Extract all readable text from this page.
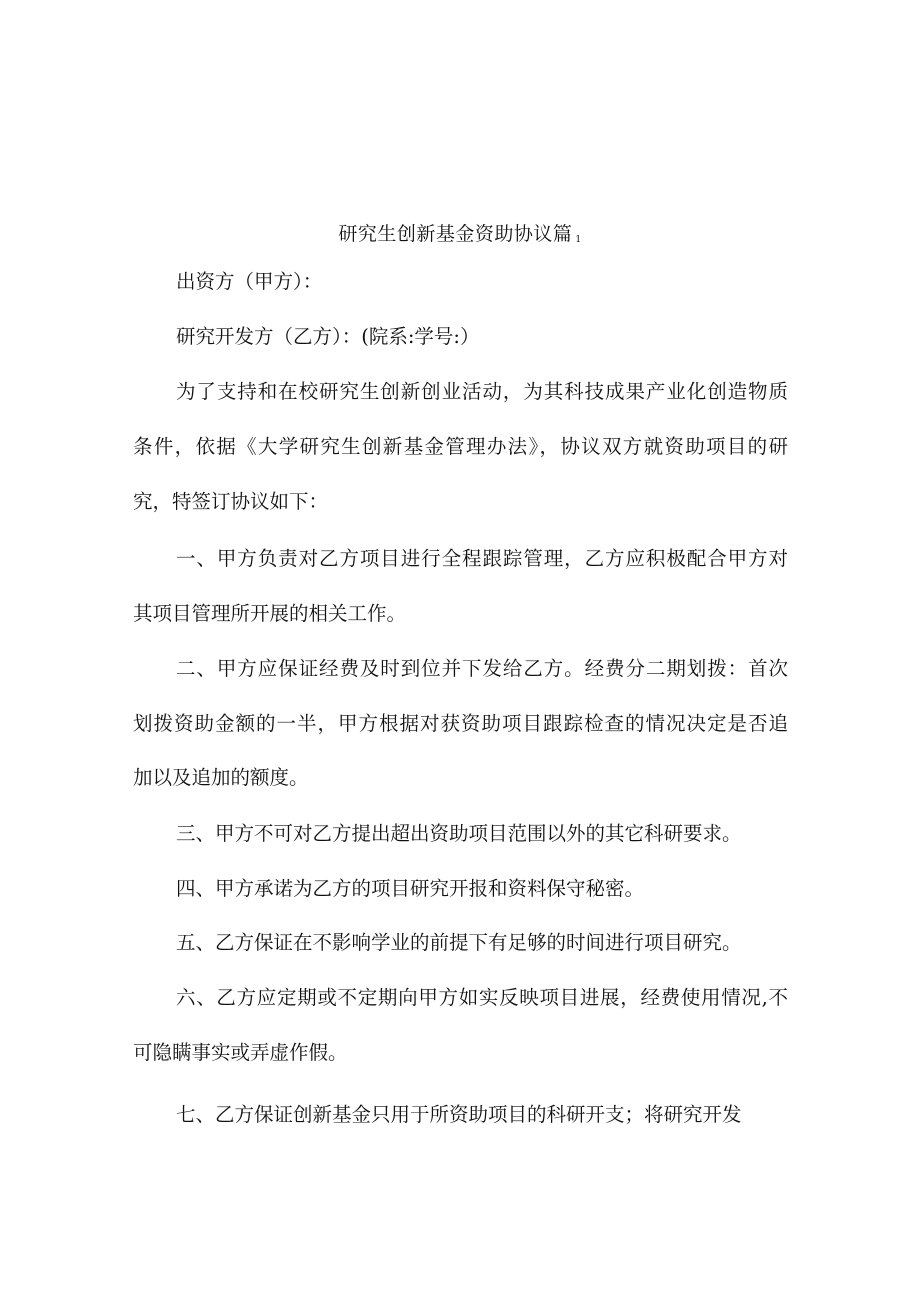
研究生创新基金资助协议篇 $^1$
出资方（甲方）：
研究开发方（乙方）：(院系:学号:）
为了支持和在校研究生创新创业活动，为其科技成果产业化创造物质
条件，依据《大学研究生创新基金管理办法》，协议双方就资助项目的研
究，特签订协议如下：
一、甲方负责对乙方项目进行全程跟踪管理，乙方应积极配合甲方对
其项目管理所开展的相关工作。
二、甲方应保证经费及时到位并下发给乙方。经费分二期划拨：首次
划拨资助金额的一半，甲方根据对获资助项目跟踪检查的情况决定是否追
加以及追加的额度。
三、甲方不可对乙方提出超出资助项目范围以外的其它科研要求。
四、甲方承诺为乙方的项目研究开报和资料保守秘密。
五、乙方保证在不影响学业的前提下有足够的时间进行项目研究。
六、乙方应定期或不定期向甲方如实反映项目进展，经费使用情况,不
可隐瞒事实或弄虚作假。
七、乙方保证创新基金只用于所资助项目的科研开支；将研究开发
